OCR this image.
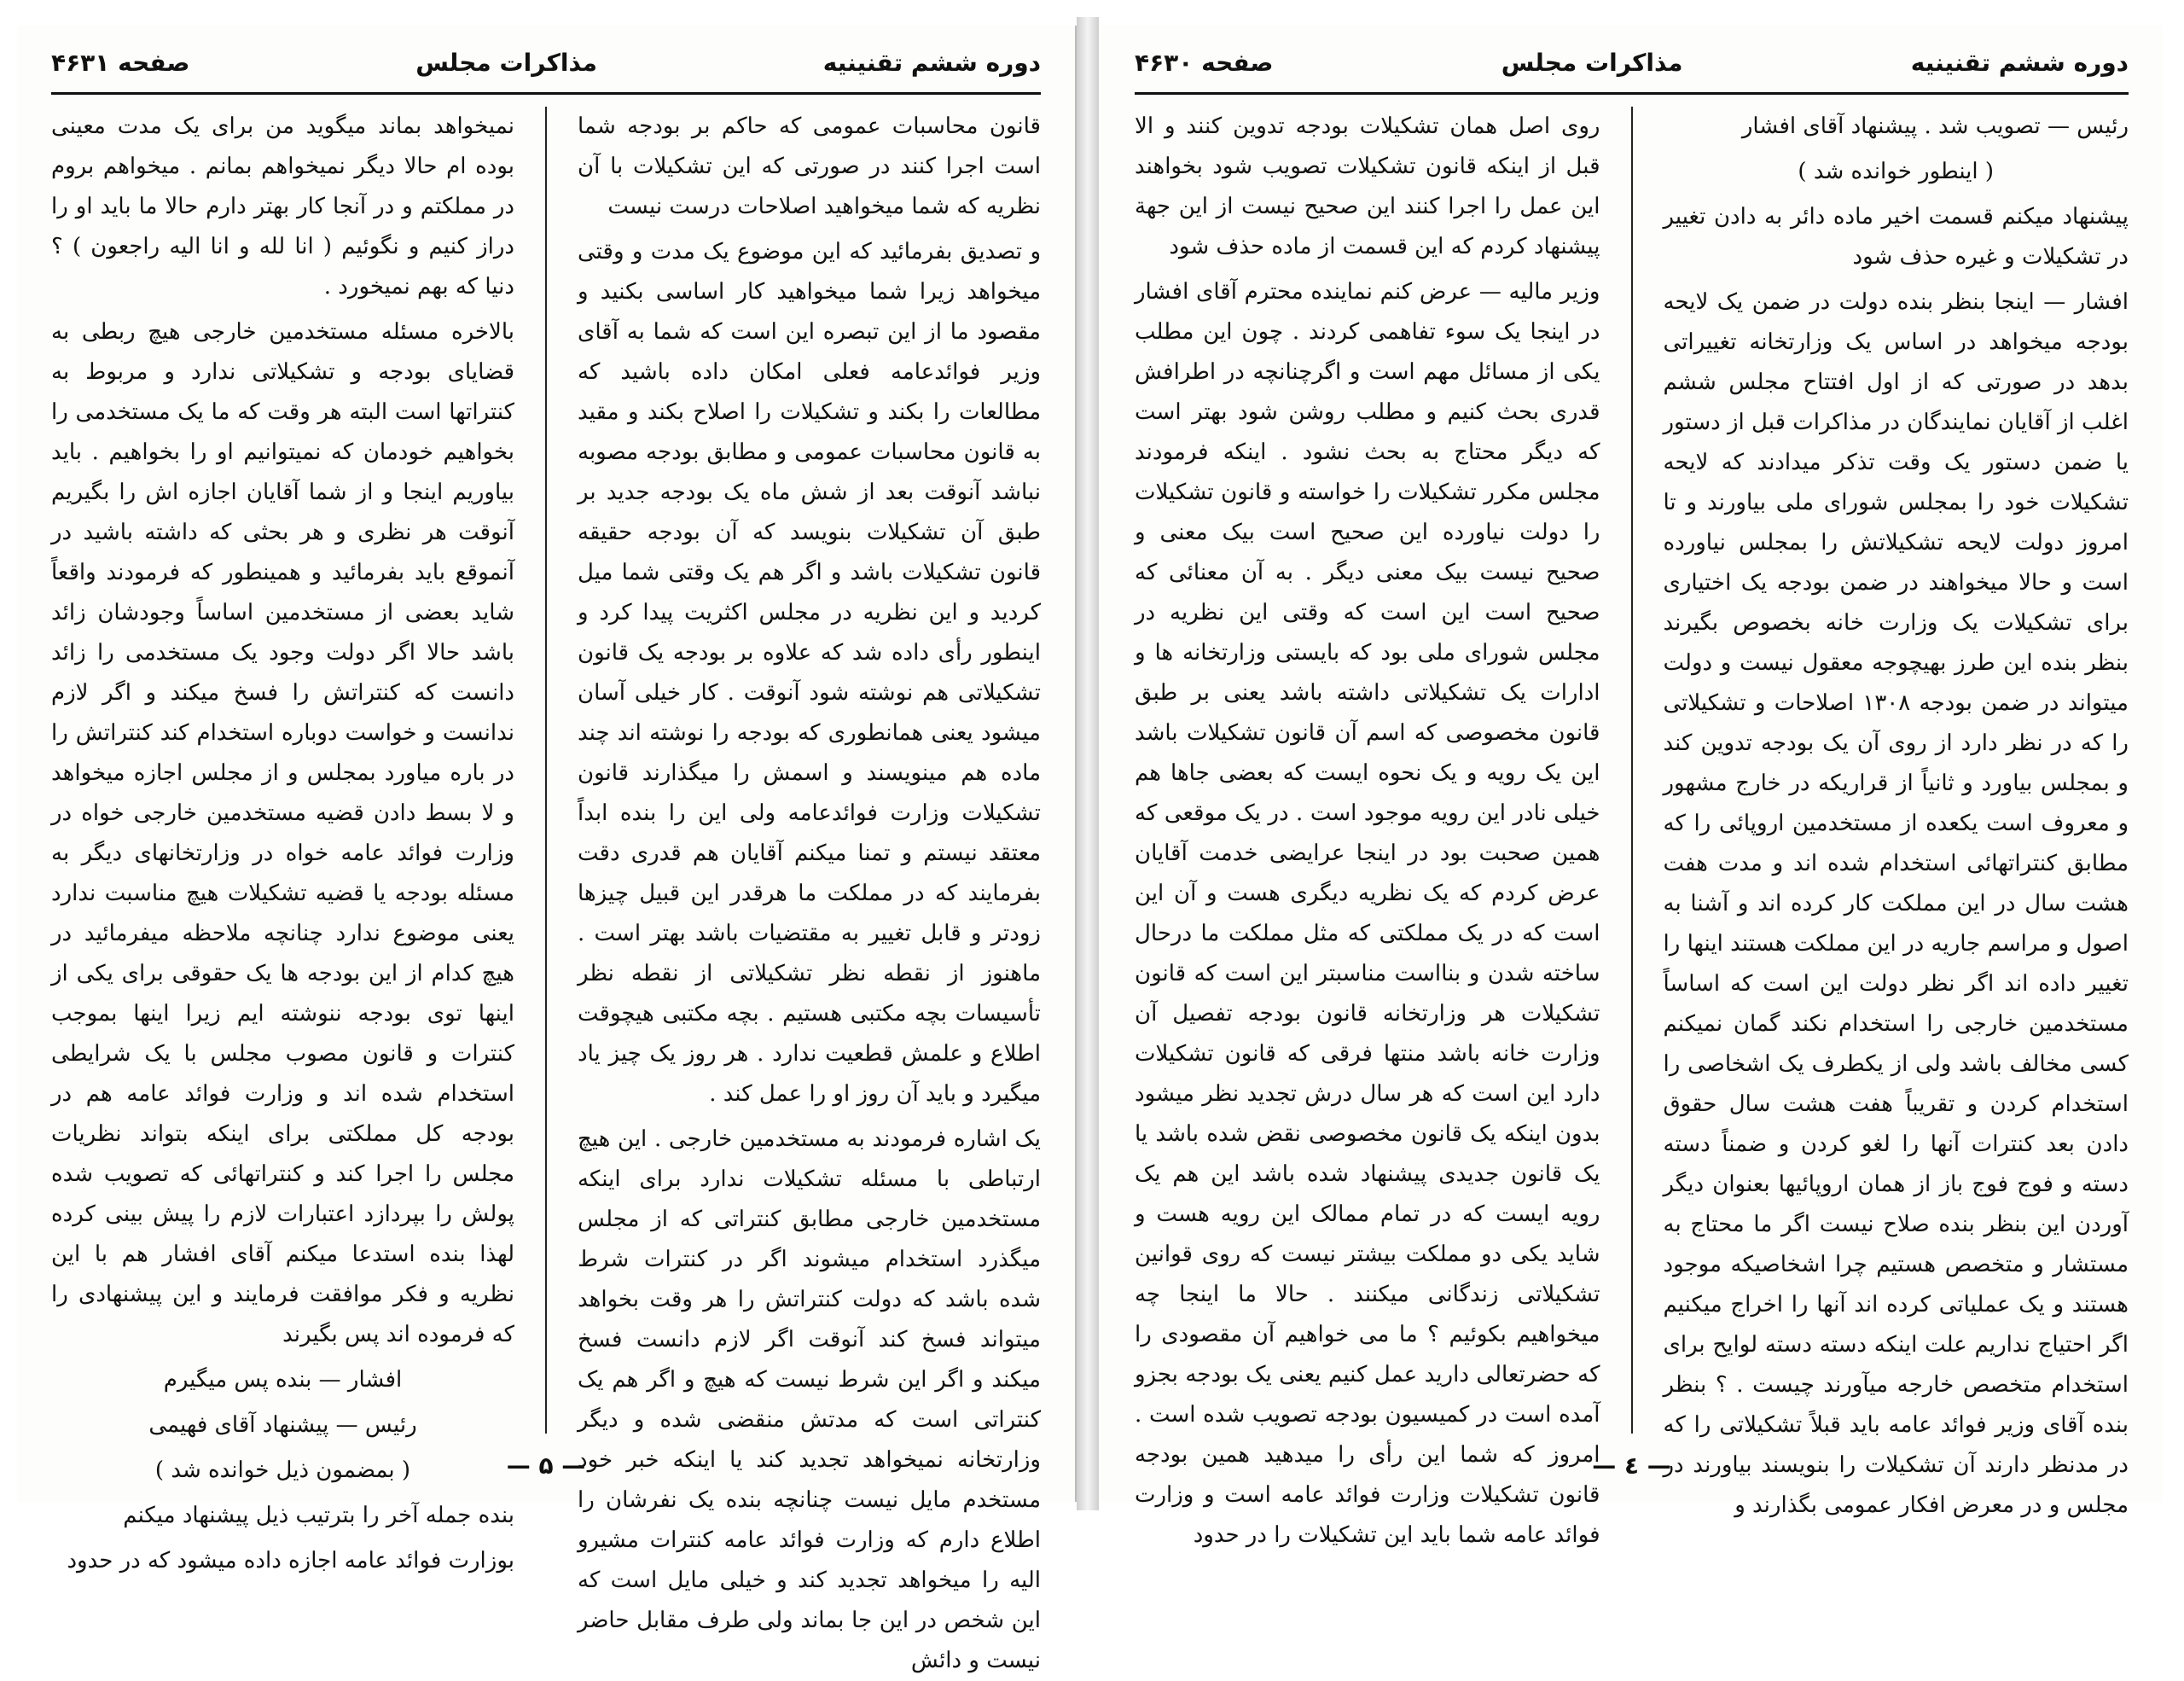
دوره ششم تقنینیه
مذاکرات مجلس
صفحه ۴۶۳۱

قانون محاسبات عمومی که حاکم بر بودجه شما است اجرا کنند در صورتی که این تشکیلات با آن نظریه که شما میخواهید اصلاحات درست نیست

و تصدیق بفرمائید که این موضوع یک مدت و وقتی میخواهد زیرا شما میخواهید کار اساسی بکنید و مقصود ما از این تبصره این است که شما به آقای وزیر فوائدعامه فعلی امکان داده باشید که مطالعات را بکند و تشکیلات را اصلاح بکند و مقید به قانون محاسبات عمومی و مطابق بودجه مصوبه نباشد آنوقت بعد از شش ماه یک بودجه جدید بر طبق آن تشکیلات بنویسد که آن بودجه حقیقه قانون تشکیلات باشد و اگر هم یک وقتی شما میل کردید و این نظریه در مجلس اکثریت پیدا کرد و اینطور رأی داده شد که علاوه بر بودجه یک قانون تشکیلاتی هم نوشته شود آنوقت . کار خیلی آسان میشود یعنی همانطوری که بودجه را نوشته اند چند ماده هم مینویسند و اسمش را میگذارند قانون تشکیلات وزارت فوائدعامه ولی این را بنده ابداً معتقد نیستم و تمنا میکنم آقایان هم قدری دقت بفرمایند که در مملکت ما هرقدر این قبیل چیزها زودتر و قابل تغییر به مقتضیات باشد بهتر است . ماهنوز از نقطه نظر تشکیلاتی از نقطه نظر تأسیسات بچه مکتبی هستیم . بچه مکتبی هیچوقت اطلاع و علمش قطعیت ندارد . هر روز یک چیز یاد میگیرد و باید آن روز او را عمل کند .

یک اشاره فرمودند به مستخدمین خارجی . این هیچ ارتباطی با مسئله تشکیلات ندارد برای اینکه مستخدمین خارجی مطابق کنتراتی که از مجلس میگذرد استخدام میشوند اگر در کنترات شرط شده باشد که دولت کنتراتش را هر وقت بخواهد میتواند فسخ کند آنوقت اگر لازم دانست فسخ میکند و اگر این شرط نیست که هیچ و اگر هم یک کنتراتی است که مدتش منقضی شده و دیگر وزارتخانه نمیخواهد تجدید کند یا اینکه خبر خود مستخدم مایل نیست چنانچه بنده یک نفرشان را اطلاع دارم که وزارت فوائد عامه کنترات مشیرو الیه را میخواهد تجدید کند و خیلی مایل است که این شخص در این جا بماند ولی طرف مقابل حاضر نیست و دائش

نمیخواهد بماند میگوید من برای یک مدت معینی بوده ام حالا دیگر نمیخواهم بمانم . میخواهم بروم در مملکتم و در آنجا کار بهتر دارم حالا ما باید او را دراز کنیم و نگوئیم ( انا لله و انا الیه راجعون ) ؟ دنیا که بهم نمیخورد .

بالاخره مسئله مستخدمین خارجی هیچ ربطی به قضایای بودجه و تشکیلاتی ندارد و مربوط به کنتراتها است البته هر وقت که ما یک مستخدمی را بخواهیم خودمان که نمیتوانیم او را بخواهیم . باید بیاوریم اینجا و از شما آقایان اجازه اش را بگیریم آنوقت هر نظری و هر بحثی که داشته باشید در آنموقع باید بفرمائید و همینطور که فرمودند واقعاً شاید بعضی از مستخدمین اساساً وجودشان زائد باشد حالا اگر دولت وجود یک مستخدمی را زائد دانست که کنتراتش را فسخ میکند و اگر لازم ندانست و خواست دوباره استخدام کند کنتراتش را در باره میاورد بمجلس و از مجلس اجازه میخواهد و لا بسط دادن قضیه مستخدمین خارجی خواه در وزارت فوائد عامه خواه در وزارتخانهای دیگر به مسئله بودجه یا قضیه تشکیلات هیچ مناسبت ندارد یعنی موضوع ندارد چنانچه ملاحظه میفرمائید در هیچ کدام از این بودجه ها یک حقوقی برای یکی از اینها توی بودجه ننوشته ایم زیرا اینها بموجب کنترات و قانون مصوب مجلس با یک شرایطی استخدام شده اند و وزارت فوائد عامه هم در بودجه کل مملکتی برای اینکه بتواند نظریات مجلس را اجرا کند و کنتراتهائی که تصویب شده پولش را بپردازد اعتبارات لازم را پیش بینی کرده لهذا بنده استدعا میکنم آقای افشار هم با این نظریه و فکر موافقت فرمایند و این پیشنهادی را که فرموده اند پس بگیرند

افشار — بنده پس میگیرم

رئیس — پیشنهاد آقای فهیمی

( بمضمون ذیل خوانده شد )

بنده جمله آخر را بترتیب ذیل پیشنهاد میکنم

بوزارت فوائد عامه اجازه داده میشود که در حدود

— ۵ —
دوره ششم تقنینیه
مذاکرات مجلس
صفحه ۴۶۳۰

رئیس — تصویب شد . پیشنهاد آقای افشار

( اینطور خوانده شد )

پیشنهاد میکنم قسمت اخیر ماده دائر به دادن تغییر در تشکیلات و غیره حذف شود

افشار — اینجا بنظر بنده دولت در ضمن یک لایحه بودجه میخواهد در اساس یک وزارتخانه تغییراتی بدهد در صورتی که از اول افتتاح مجلس ششم اغلب از آقایان نمایندگان در مذاکرات قبل از دستور یا ضمن دستور یک وقت تذکر میدادند که لایحه تشکیلات خود را بمجلس شورای ملی بیاورند و تا امروز دولت لایحه تشکیلاتش را بمجلس نیاورده است و حالا میخواهند در ضمن بودجه یک اختیاری برای تشکیلات یک وزارت خانه بخصوص بگیرند بنظر بنده این طرز بهیچوجه معقول نیست و دولت میتواند در ضمن بودجه ۱۳۰۸ اصلاحات و تشکیلاتی را که در نظر دارد از روی آن یک بودجه تدوین کند و بمجلس بیاورد و ثانیاً از قراریکه در خارج مشهور و معروف است یکعده از مستخدمین اروپائی را که مطابق کنتراتهائی استخدام شده اند و مدت هفت هشت سال در این مملکت کار کرده اند و آشنا به اصول و مراسم جاریه در این مملکت هستند اینها را تغییر داده اند اگر نظر دولت این است که اساساً مستخدمین خارجی را استخدام نکند گمان نمیکنم کسی مخالف باشد ولی از یکطرف یک اشخاصی را استخدام کردن و تقریباً هفت هشت سال حقوق دادن بعد کنترات آنها را لغو کردن و ضمناً دسته دسته و فوج فوج باز از همان اروپائیها بعنوان دیگر آوردن این بنظر بنده صلاح نیست اگر ما محتاج به مستشار و متخصص هستیم چرا اشخاصیکه موجود هستند و یک عملیاتی کرده اند آنها را اخراج میکنیم اگر احتیاج نداریم علت اینکه دسته دسته لوایح برای استخدام متخصص خارجه میآورند چیست . ؟ بنظر بنده آقای وزیر فوائد عامه باید قبلاً تشکیلاتی را که در مدنظر دارند آن تشکیلات را بنویسند بیاورند در مجلس و در معرض افکار عمومی بگذارند و

روی اصل همان تشکیلات بودجه تدوین کنند و الا قبل از اینکه قانون تشکیلات تصویب شود بخواهند این عمل را اجرا کنند این صحیح نیست از این جهة پیشنهاد کردم که این قسمت از ماده حذف شود

وزیر مالیه — عرض کنم نماینده محترم آقای افشار در اینجا یک سوء تفاهمی کردند . چون این مطلب یکی از مسائل مهم است و اگرچنانچه در اطرافش قدری بحث کنیم و مطلب روشن شود بهتر است که دیگر محتاج به بحث نشود . اینکه فرمودند مجلس مکرر تشکیلات را خواسته و قانون تشکیلات را دولت نیاورده این صحیح است بیک معنی و صحیح نیست بیک معنی دیگر . به آن معنائی که صحیح است این است که وقتی این نظریه در مجلس شورای ملی بود که بایستی وزارتخانه ها و ادارات یک تشکیلاتی داشته باشد یعنی بر طبق قانون مخصوصی که اسم آن قانون تشکیلات باشد این یک رویه و یک نحوه ایست که بعضی جاها هم خیلی نادر این رویه موجود است . در یک موقعی که همین صحبت بود در اینجا عرایضی خدمت آقایان عرض کردم که یک نظریه دیگری هست و آن این است که در یک مملکتی که مثل مملکت ما درحال ساخته شدن و بنااست مناسبتر این است که قانون تشکیلات هر وزارتخانه قانون بودجه تفصیل آن وزارت خانه باشد منتها فرقی که قانون تشکیلات دارد این است که هر سال درش تجدید نظر میشود بدون اینکه یک قانون مخصوصی نقض شده باشد یا یک قانون جدیدی پیشنهاد شده باشد این هم یک رویه ایست که در تمام ممالک این رویه هست و شاید یکی دو مملکت بیشتر نیست که روی قوانین تشکیلاتی زندگانی میکنند . حالا ما اینجا چه میخواهیم بکوئیم ؟ ما می خواهیم آن مقصودی را که حضرتعالی دارید عمل کنیم یعنی یک بودجه بجزو آمده است در کمیسیون بودجه تصویب شده است . امروز که شما این رأی را میدهید همین بودجه قانون تشکیلات وزارت فوائد عامه است و وزارت فوائد عامه شما باید این تشکیلات را در حدود

— ٤ —
